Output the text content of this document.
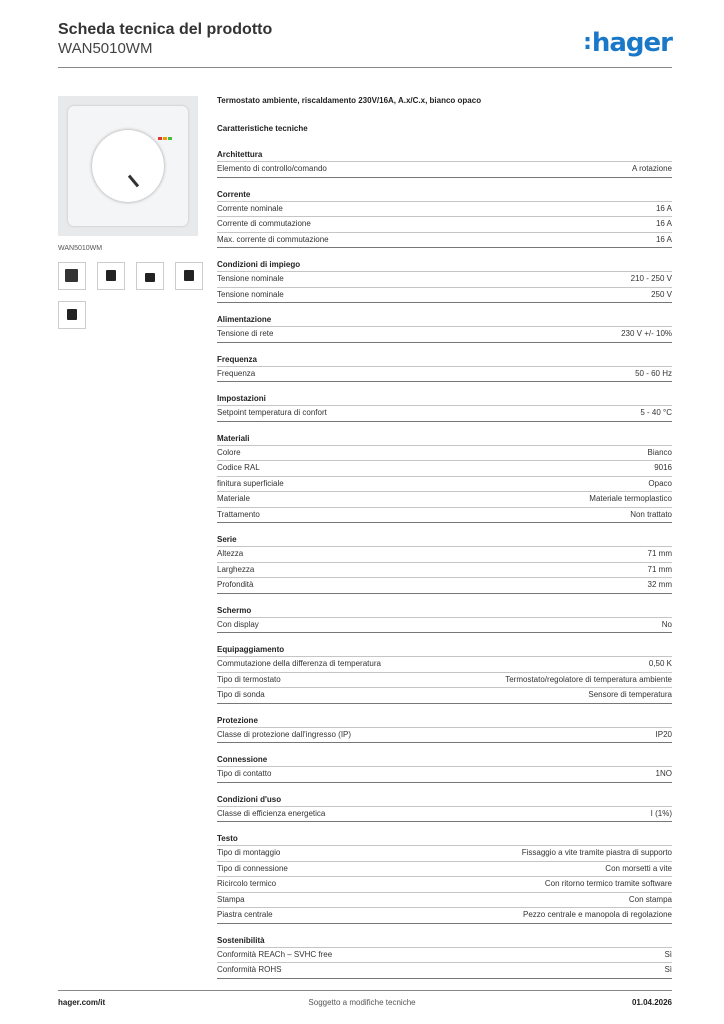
Scheda tecnica del prodotto
WAN5010WM	:hager
WAN5010WM
Termostato ambiente, riscaldamento 230V/16A, A.x/C.x, bianco opaco
Caratteristiche tecniche
Architettura
Elemento di controllo/comando	A rotazione
Corrente
Corrente nominale	16 A
Corrente di commutazione	16 A
Max. corrente di commutazione	16 A
Condizioni di impiego
Tensione nominale	210 - 250 V
Tensione nominale	250 V
Alimentazione
Tensione di rete	230 V +/- 10%
Frequenza
Frequenza	50 - 60 Hz
Impostazioni
Setpoint temperatura di confort	5 - 40 °C
Materiali
Colore	Bianco
Codice RAL	9016
finitura superficiale	Opaco
Materiale	Materiale termoplastico
Trattamento	Non trattato
Serie
Altezza	71 mm
Larghezza	71 mm
Profondità	32 mm
Schermo
Con display	No
Equipaggiamento
Commutazione della differenza di temperatura	0,50 K
Tipo di termostato	Termostato/regolatore di temperatura ambiente
Tipo di sonda	Sensore di temperatura
Protezione
Classe di protezione dall'ingresso (IP)	IP20
Connessione
Tipo di contatto	1NO
Condizioni d'uso
Classe di efficienza energetica	I (1%)
Testo
Tipo di montaggio	Fissaggio a vite tramite piastra di supporto
Tipo di connessione	Con morsetti a vite
Ricircolo termico	Con ritorno termico tramite software
Stampa	Con stampa
Piastra centrale	Pezzo centrale e manopola di regolazione
Sostenibilità
Conformità REACh – SVHC free	Sì
Conformità ROHS	Sì
hager.com/it	Soggetto a modifiche tecniche	01.04.2026
